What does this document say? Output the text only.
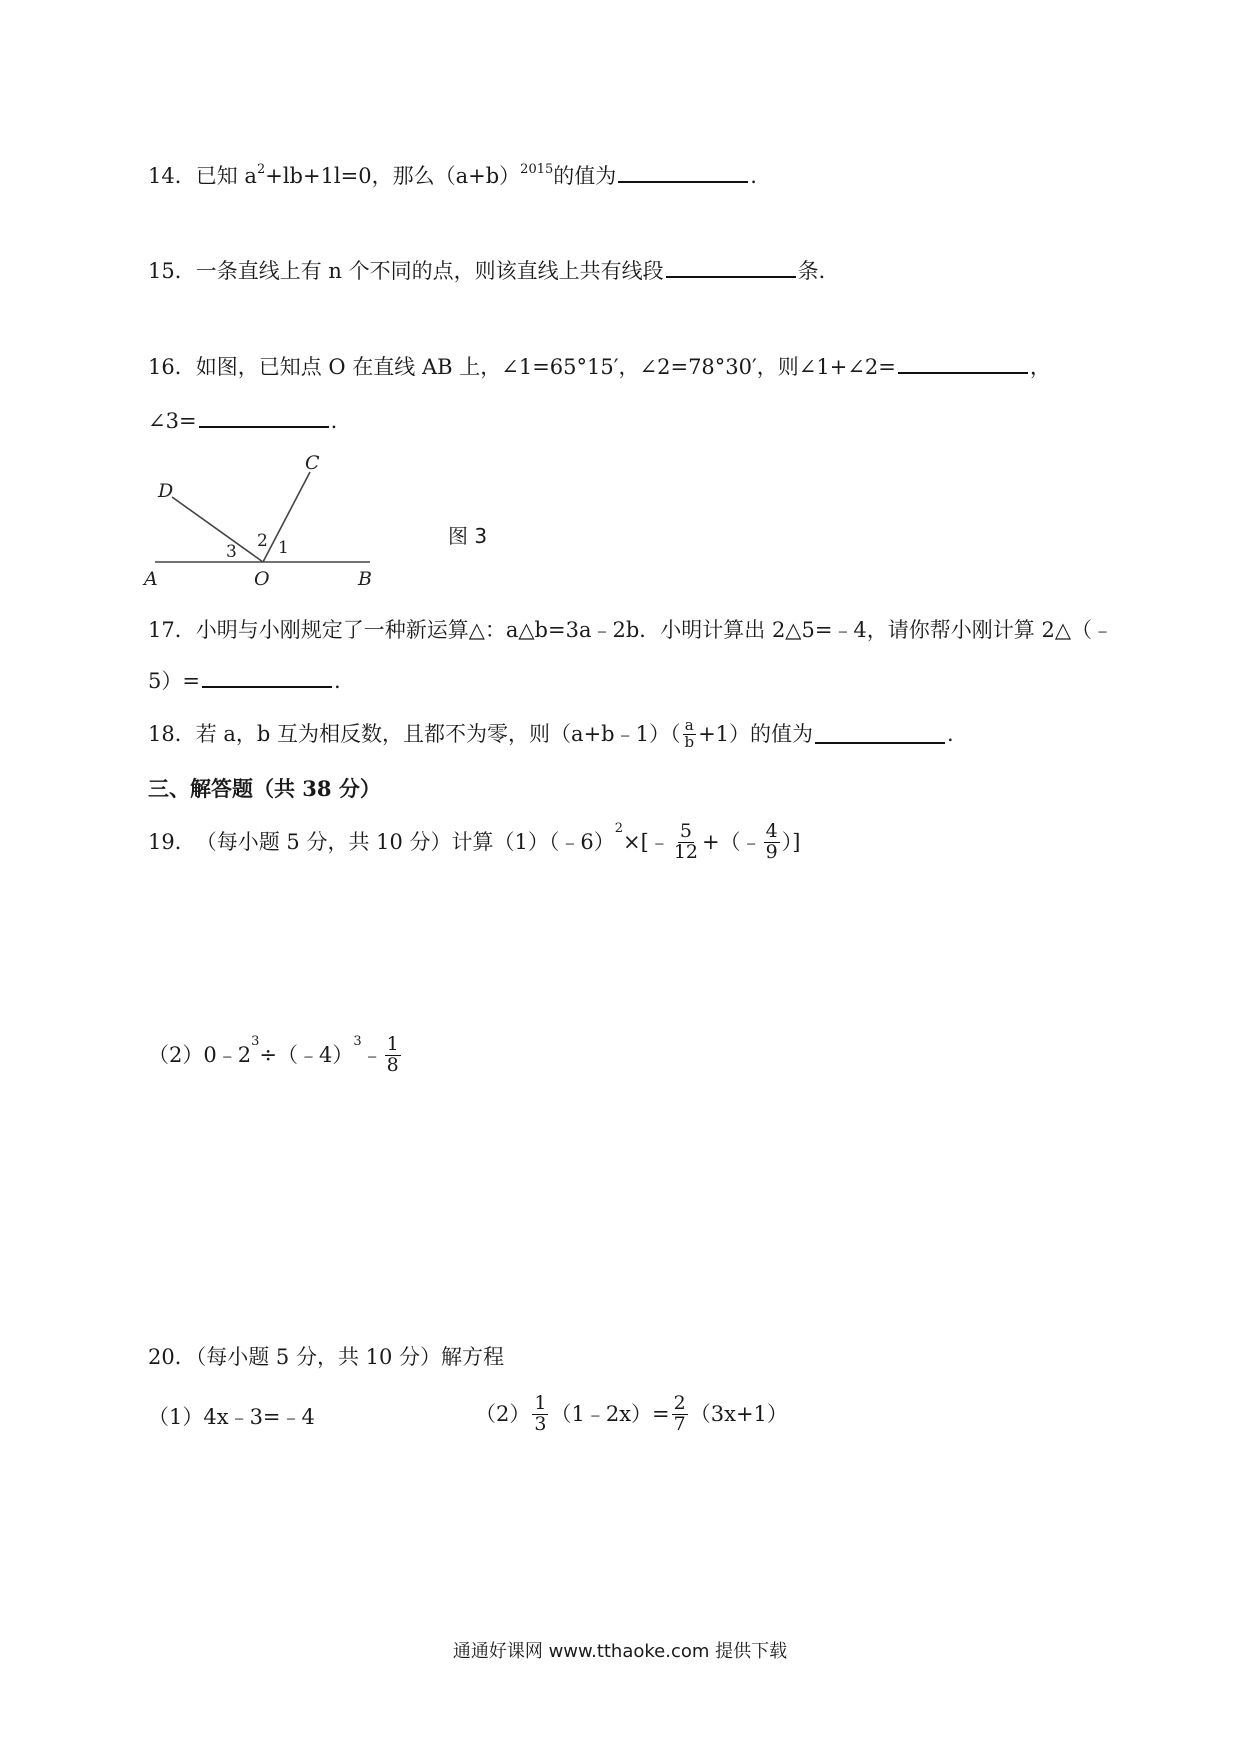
14．已知 $a^2+lb+1l=0$，那么$(a+b)^{2015}$的值为	.
15．一条直线上有 n 个不同的点，则该直线上共有线段	条．
16．如图，已知点 O 在直线 AB 上，∠1=65°15′，∠2=78°30′，则∠1+∠2=	，
∠3=	.
A	B
C
D
O
1
2
3
图 3
17．小明与小刚规定了一种新运算△：a△b=3a﹣2b．小明计算出 2△5=﹣4，请你帮小刚计算 2△（﹣
5）=	.
18． 若 a，b 互为相反数，且都不为零，则（a+b﹣1）（ $\frac{a}{b} +1$）的值为	.
三、解答题（共 38 分）
19． （每小题 5 分，共 10 分）计算（1）（﹣6）
$^2$
×[﹣ $\frac{5}{12}$ +（﹣ $\frac{4}{9}$ ）]
（2）0﹣2
$^3$
÷（﹣4）
$^3$
﹣ $\frac{1}{8}$
20．（每小题 5 分，共 10 分）解方程
（1）4x﹣3=﹣4	$(2) \frac{1}{3}$ （1﹣2x）= $\frac{2}{7} (3x+1)$
通通好课网 www.tthaoke.com 提供下载
